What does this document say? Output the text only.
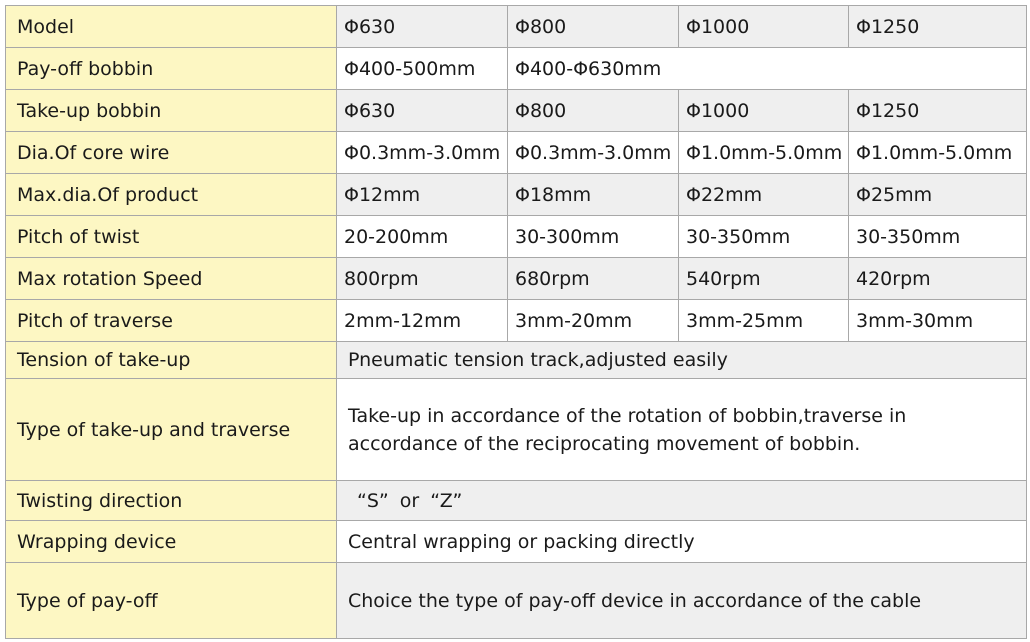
Model	Φ630	Φ800	Φ1000	Φ1250
Pay-off bobbin	Φ400-500mm	Φ400-Φ630mm		
Take-up bobbin	Φ630	Φ800	Φ1000	Φ1250
Dia.Of core wire	Φ0.3mm-3.0mm	Φ0.3mm-3.0mm	Φ1.0mm-5.0mm	Φ1.0mm-5.0mm
Max.dia.Of product	Φ12mm	Φ18mm	Φ22mm	Φ25mm
Pitch of twist	20-200mm	30-300mm	30-350mm	30-350mm
Max rotation Speed	800rpm	680rpm	540rpm	420rpm
Pitch of traverse	2mm-12mm	3mm-20mm	3mm-25mm	3mm-30mm
Tension of take-up	Pneumatic tension track,adjusted easily			
Type of take-up and traverse	Take-up in accordance of the rotation of bobbin,traverse in accordance of the reciprocating movement of bobbin.			
Twisting direction	“S” or “Z”			
Wrapping device	Central wrapping or packing directly			
Type of pay-off	Choice the type of pay-off device in accordance of the cable			
